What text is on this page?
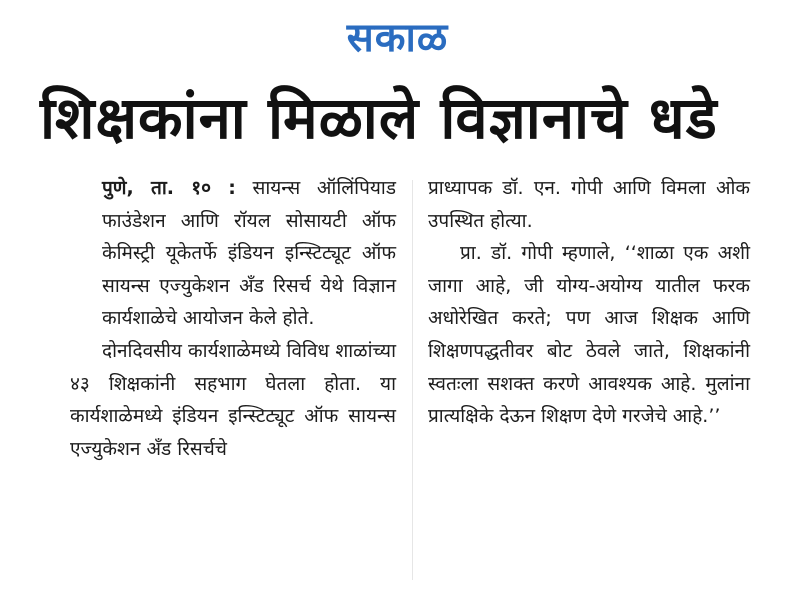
सकाळ
शिक्षकांना मिळाले विज्ञानाचे धडे

पुणे, ता. १० : सायन्स ऑलिंपियाड फाउंडेशन आणि रॉयल सोसायटी ऑफ केमिस्ट्री यूकेतर्फे इंडियन इन्स्टिट्यूट ऑफ सायन्स एज्युकेशन अँड रिसर्च येथे विज्ञान कार्यशाळेचे आयोजन केले होते.

दोनदिवसीय कार्यशाळेमध्ये विविध शाळांच्या ४३ शिक्षकांनी सहभाग घेतला होता. या कार्यशाळेमध्ये इंडियन इन्स्टिट्यूट ऑफ सायन्स एज्युकेशन अँड रिसर्चचे

प्राध्यापक डॉ. एन. गोपी आणि विमला ओक उपस्थित होत्या.

प्रा. डॉ. गोपी म्हणाले, ‘‘शाळा एक अशी जागा आहे, जी योग्य-अयोग्य यातील फरक अधोरेखित करते; पण आज शिक्षक आणि शिक्षणपद्धतीवर बोट ठेवले जाते, शिक्षकांनी स्वतःला सशक्त करणे आवश्यक आहे. मुलांना प्रात्यक्षिके देऊन शिक्षण देणे गरजेचे आहे.’’
